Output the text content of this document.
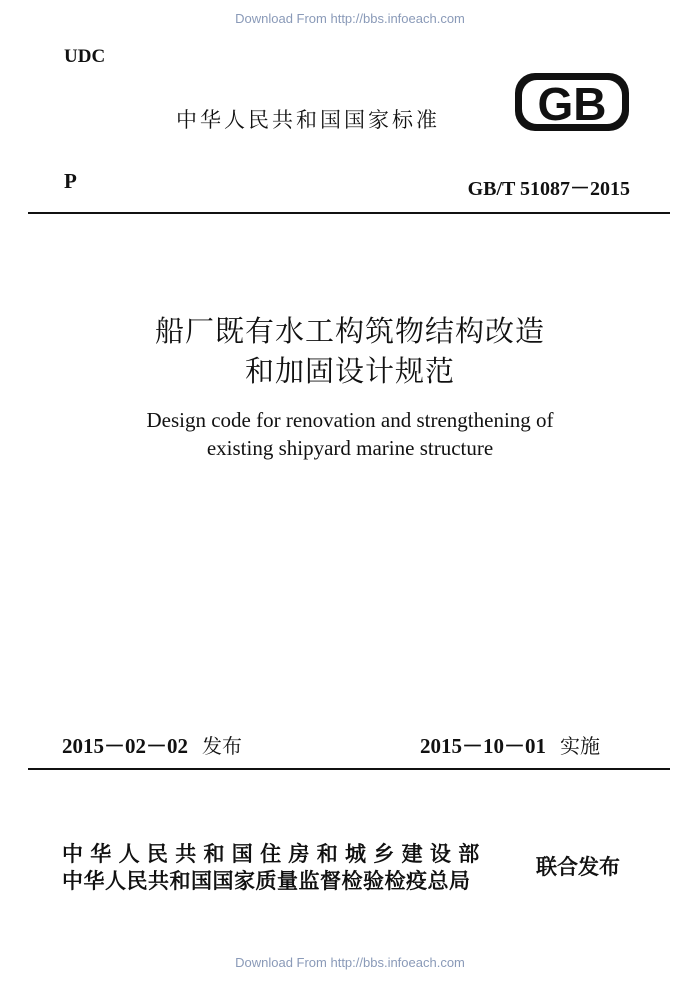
Download From http://bbs.infoeach.com
UDC
中华人民共和国国家标准 GB
P	GB/T 51087－2015
船厂既有水工构筑物结构改造
和加固设计规范
Design code for renovation and strengthening of
existing shipyard marine structure
2015－02－02 发布	2015－10－01 实施
中华人民共和国住房和城乡建设部
中华人民共和国国家质量监督检验检疫总局
联合发布
Download From http://bbs.infoeach.com
